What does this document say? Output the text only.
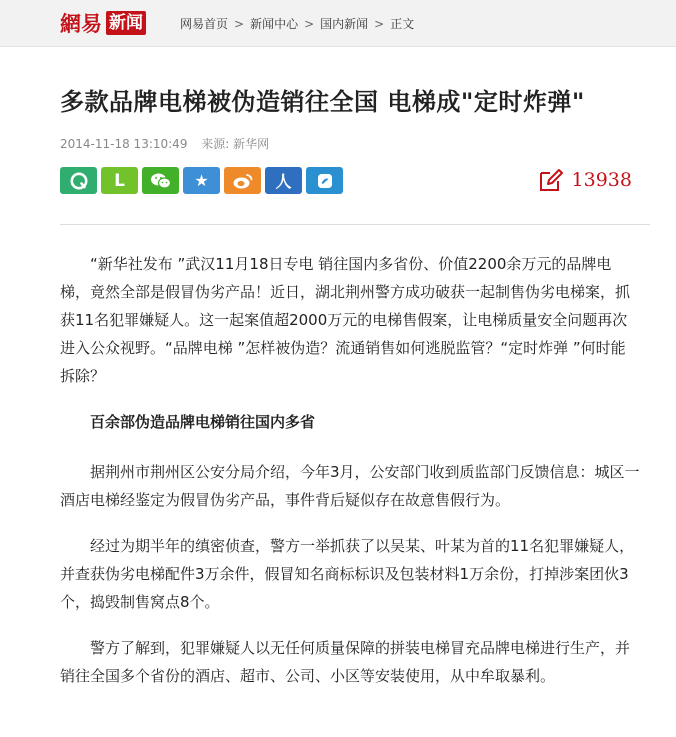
網易 新闻	网易首页 > 新闻中心 > 国内新闻 > 正文
多款品牌电梯被伪造销往全国 电梯成"定时炸弹"
2014-11-18 13:10:49 来源: 新华网
L	★	人	13938

“新华社发布 ”武汉11月18日专电 销往国内多省份、价值2200余万元的品牌电梯，竟然全部是假冒伪劣产品！近日，湖北荆州警方成功破获一起制售伪劣电梯案，抓获11名犯罪嫌疑人。这一起案值超2000万元的电梯售假案，让电梯质量安全问题再次进入公众视野。“品牌电梯 ”怎样被伪造？流通销售如何逃脱监管？“定时炸弹 ”何时能拆除？

百余部伪造品牌电梯销往国内多省

据荆州市荆州区公安分局介绍，今年3月，公安部门收到质监部门反馈信息：城区一酒店电梯经鉴定为假冒伪劣产品，事件背后疑似存在故意售假行为。

经过为期半年的缜密侦查，警方一举抓获了以吴某、叶某为首的11名犯罪嫌疑人，并查获伪劣电梯配件3万余件，假冒知名商标标识及包装材料1万余份，打掉涉案团伙3个，捣毁制售窝点8个。

警方了解到，犯罪嫌疑人以无任何质量保障的拼装电梯冒充品牌电梯进行生产，并销往全国多个省份的酒店、超市、公司、小区等安装使用，从中牟取暴利。
